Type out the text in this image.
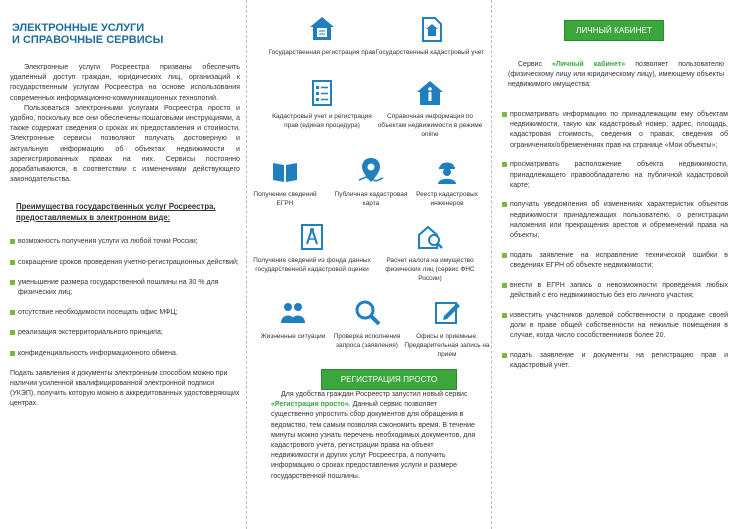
ЭЛЕКТРОННЫЕ УСЛУГИ
И СПРАВОЧНЫЕ СЕРВИСЫ

Электронные услуги Росреестра призваны обеспечить удаленный доступ граждан, юридических лиц, организаций к государственным услугам Росреестра на основе использования современных информационно-коммуникационных технологий.

Пользоваться электронными услугами Росреестра просто и удобно, поскольку все они обеспечены пошаговыми инструкциями, а также содержат сведения о сроках их предоставления и стоимости. Электронные сервисы позволяют получать достоверную и актуальную информацию об объектах недвижимости и зарегистрированных правах на них. Сервисы постоянно дорабатываются, в соответствии с изменениями действующего законодательства.

Преимущества государственных услуг Росреестра, предоставляемых в электронном виде:
возможность получения услуги из любой точки России;
сокращение сроков проведения учетно-регистрационных действий;
уменьшение размера государственной пошлины на 30 % для физических лиц;
отсутствие необходимости посещать офис МФЦ;
реализация экстерриториального принципа;
конфиденциальность информационного обмена.

Подать заявления и документы электронным способом можно при наличии усиленной квалифицированной электронной подписи (УКЭП), получить которую можно в аккредитованных удостоверяющих центрах.

Государственная регистрация прав Государственный кадастровый учет
Кадастровый учет и регистрация прав (единая процедура)
Справочная информация по объектам недвижимости в режиме online
Получение сведений ЕГРН
Публичная кадастровая карта
Реестр кадастровых инженеров
Получение сведений из фонда данных государственной кадастровой оценки
Расчет налога на имущество физических лиц (сервис ФНС России)
Жизненные ситуации	Проверка исполнения запроса (заявления)
Офисы и приемные. Предварительная запись на прием
РЕГИСТРАЦИЯ ПРОСТО

Для удобства граждан Росреестр запустил новый сервис «Регистрация просто». Данный сервис позволяет существенно упростить сбор документов для обращения в ведомство, тем самым позволяя сэкономить время. В течение минуты можно узнать перечень необходимых документов, для кадастрового учета, регистрации права на объект недвижимости и других услуг Росреестра, а получить информацию о сроках предоставления услуги и размере государственной пошлины.

ЛИЧНЫЙ КАБИНЕТ

Сервис «Личный кабинет» позволяет пользователю (физическому лицу или юридическому лицу), имеющему объекты недвижимого имущества:

просматривать информацию по принадлежащим ему объектам недвижимости, такую как кадастровый номер, адрес, площадь, кадастровая стоимость, сведения о правах, сведения об ограничениях/обременениях прав на странице «Мои объекты»;
просматривать расположение объекта недвижимости, принадлежащего правообладателю на публичной кадастровой карте;
получать уведомления об изменениях характеристик объектов недвижимости принадлежащих пользователю, о регистрации наложения или прекращения арестов и обременений права на объекты;
подать заявление на исправление технической ошибки в сведениях ЕГРН об объекте недвижимости;
внести в ЕГРН запись о невозможности проведения любых действий с его недвижимостью без его личного участия;
известить участников долевой собственности о продаже своей доли в праве общей собственности на нежилые помещения в случае, когда число сособственников более 20.
подать заявление и документы на регистрацию прав и кадастровый учет.
